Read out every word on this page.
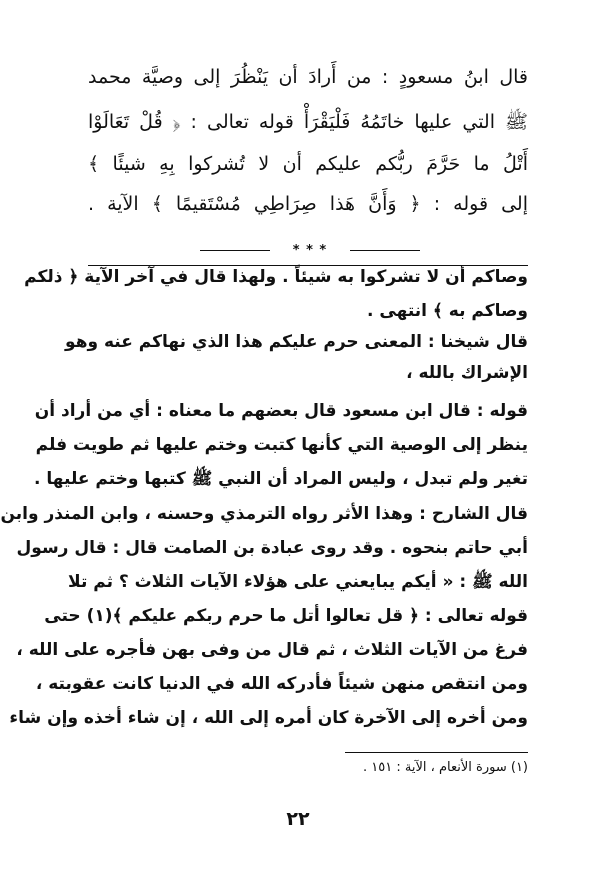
قال ابنُ مسعودٍ : من أَرادَ أن يَنْظُرَ إلى وصيَّة محمد
ﷺ التي عليها خاتَمُهُ فَلْيَقْرَأْ قوله تعالى : ﴿ قُلْ تَعَالَوْا
أَتْلُ ما حَرَّمَ ربُّكم عليكم أن لا تُشركوا بِهِ شيئًا ﴾
إلى قوله : ﴿ وَأَنَّ هَذا صِرَاطِي مُسْتَقيمًا ﴾ الآية .
* * *
وصاكم أن لا تشركوا به شيئاً . ولهذا قال في آخر الآية ﴿ ذلكم
وصاكم به ﴾ انتهى .
قال شيخنا : المعنى حرم عليكم هذا الذي نهاكم عنه وهو
الإشراك بالله ،
قوله : قال ابن مسعود قال بعضهم ما معناه : أي من أراد أن
ينظر إلى الوصية التي كأنها كتبت وختم عليها ثم طويت فلم
تغير ولم تبدل ، وليس المراد أن النبي ﷺ كتبها وختم عليها .
قال الشارح : وهذا الأثر رواه الترمذي وحسنه ، وابن المنذر وابن
أبي حاتم بنحوه . وقد روى عبادة بن الصامت قال : قال رسول
الله ﷺ : « أيكم يبايعني على هؤلاء الآيات الثلاث ؟ ثم تلا
قوله تعالى : ﴿ قل تعالوا أتل ما حرم ربكم عليكم ﴾(١) حتى
فرغ من الآيات الثلاث ، ثم قال من وفى بهن فأجره على الله ،
ومن انتقص منهن شيئاً فأدركه الله في الدنيا كانت عقوبته ،
ومن أخره إلى الآخرة كان أمره إلى الله ، إن شاء أخذه وإن شاء
(١) سورة الأنعام ، الآية : ١٥١ .
٢٢
